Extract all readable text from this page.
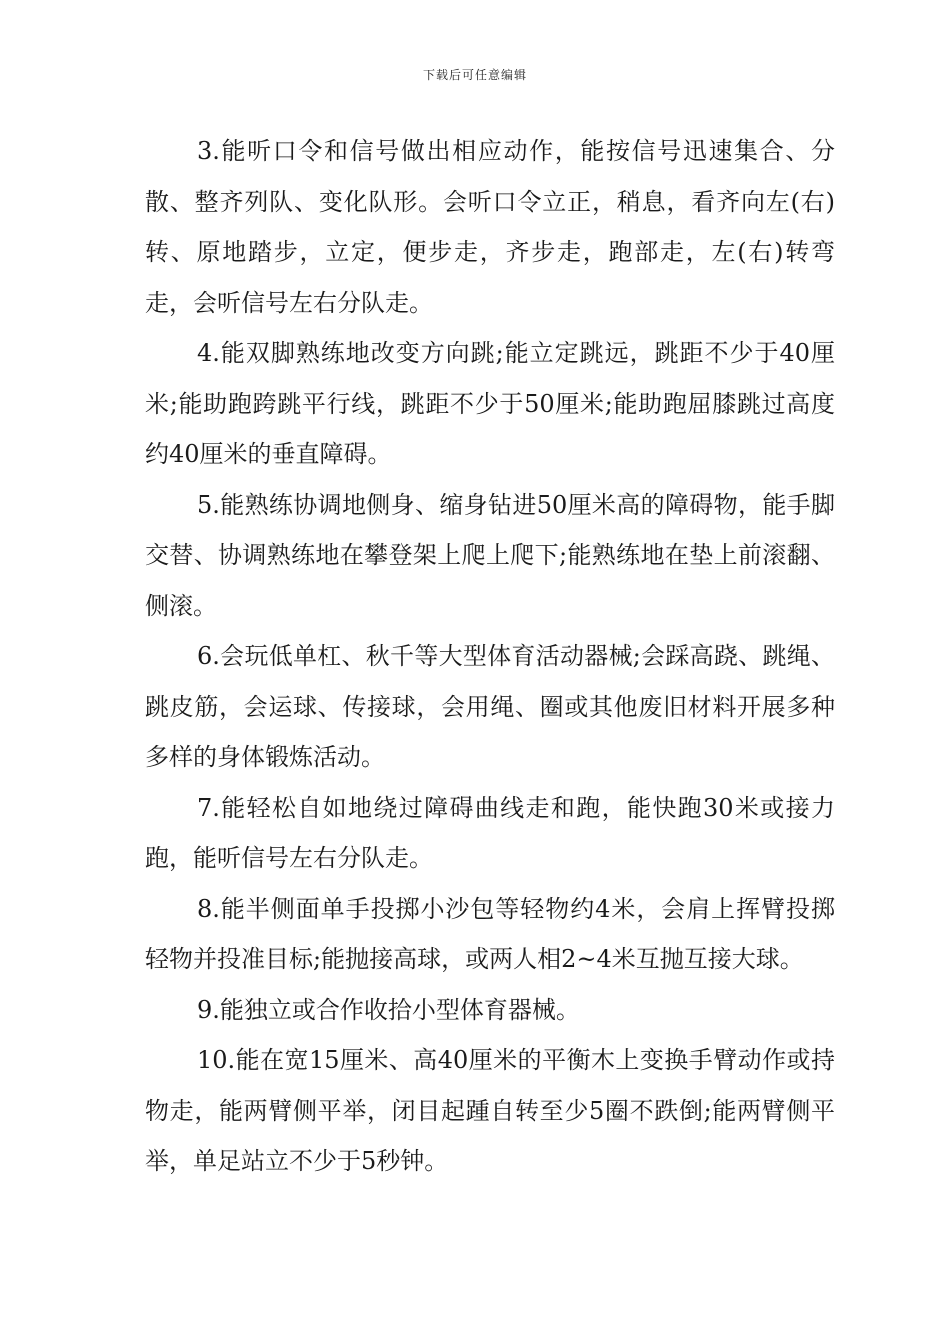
下载后可任意编辑

3.能听口令和信号做出相应动作，能按信号迅速集合、分散、整齐列队、变化队形。会听口令立正，稍息，看齐向左(右)转、原地踏步，立定，便步走，齐步走，跑部走，左(右)转弯走，会听信号左右分队走。

4.能双脚熟练地改变方向跳;能立定跳远，跳距不少于40厘米;能助跑跨跳平行线，跳距不少于50厘米;能助跑屈膝跳过高度约40厘米的垂直障碍。

5.能熟练协调地侧身、缩身钻进50厘米高的障碍物，能手脚交替、协调熟练地在攀登架上爬上爬下;能熟练地在垫上前滚翻、侧滚。

6.会玩低单杠、秋千等大型体育活动器械;会踩高跷、跳绳、跳皮筋，会运球、传接球，会用绳、圈或其他废旧材料开展多种多样的身体锻炼活动。

7.能轻松自如地绕过障碍曲线走和跑，能快跑30米或接力跑，能听信号左右分队走。

8.能半侧面单手投掷小沙包等轻物约4米，会肩上挥臂投掷轻物并投准目标;能抛接高球，或两人相2~4米互抛互接大球。

9.能独立或合作收拾小型体育器械。

10.能在宽15厘米、高40厘米的平衡木上变换手臂动作或持物走，能两臂侧平举，闭目起踵自转至少5圈不跌倒;能两臂侧平举，单足站立不少于5秒钟。
